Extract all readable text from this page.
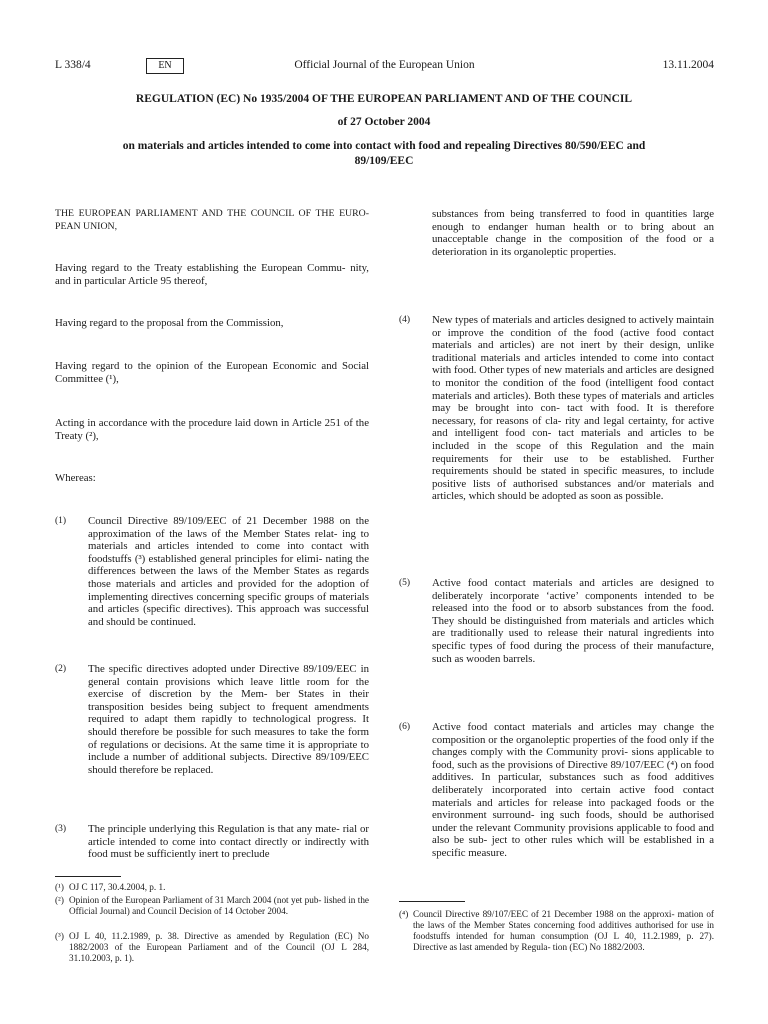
L 338/4	EN	Official Journal of the European Union	13.11.2004
REGULATION (EC) No 1935/2004 OF THE EUROPEAN PARLIAMENT AND OF THE COUNCIL
of 27 October 2004
on materials and articles intended to come into contact with food and repealing Directives 80/590/EEC and 89/109/EEC

THE EUROPEAN PARLIAMENT AND THE COUNCIL OF THE EURO- PEAN UNION,

Having regard to the Treaty establishing the European Commu- nity, and in particular Article 95 thereof,

Having regard to the proposal from the Commission,

Having regard to the opinion of the European Economic and Social Committee (¹),

Acting in accordance with the procedure laid down in Article 251 of the Treaty (²),

Whereas:

(1) Council Directive 89/109/EEC of 21 December 1988 on the approximation of the laws of the Member States relat- ing to materials and articles intended to come into contact with foodstuffs (³) established general principles for elimi- nating the differences between the laws of the Member States as regards those materials and articles and provided for the adoption of implementing directives concerning specific groups of materials and articles (specific directives). This approach was successful and should be continued.

(2) The specific directives adopted under Directive 89/109/EEC in general contain provisions which leave little room for the exercise of discretion by the Mem- ber States in their transposition besides being subject to frequent amendments required to adapt them rapidly to technological progress. It should therefore be possible for such measures to take the form of regulations or decisions. At the same time it is appropriate to include a number of additional subjects. Directive 89/109/EEC should therefore be replaced.

(3) The principle underlying this Regulation is that any mate- rial or article intended to come into contact directly or indirectly with food must be sufficiently inert to preclude

(¹) OJ C 117, 30.4.2004, p. 1.
(²) Opinion of the European Parliament of 31 March 2004 (not yet pub- lished in the Official Journal) and Council Decision of 14 October 2004.
(³) OJ L 40, 11.2.1989, p. 38. Directive as amended by Regulation (EC) No 1882/2003 of the European Parliament and of the Council (OJ L 284, 31.10.2003, p. 1).

substances from being transferred to food in quantities large enough to endanger human health or to bring about an unacceptable change in the composition of the food or a deterioration in its organoleptic properties.

(4) New types of materials and articles designed to actively maintain or improve the condition of the food (active food contact materials and articles) are not inert by their design, unlike traditional materials and articles intended to come into contact with food. Other types of new materials and articles are designed to monitor the condition of the food (intelligent food contact materials and articles). Both these types of materials and articles may be brought into con- tact with food. It is therefore necessary, for reasons of cla- rity and legal certainty, for active and intelligent food con- tact materials and articles to be included in the scope of this Regulation and the main requirements for their use to be established. Further requirements should be stated in specific measures, to include positive lists of authorised substances and/or materials and articles, which should be adopted as soon as possible.

(5) Active food contact materials and articles are designed to deliberately incorporate ‘active’ components intended to be released into the food or to absorb substances from the food. They should be distinguished from materials and articles which are traditionally used to release their natural ingredients into specific types of food during the process of their manufacture, such as wooden barrels.

(6) Active food contact materials and articles may change the composition or the organoleptic properties of the food only if the changes comply with the Community provi- sions applicable to food, such as the provisions of Directive 89/107/EEC (⁴) on food additives. In particular, substances such as food additives deliberately incorporated into certain active food contact materials and articles for release into packaged foods or the environment surround- ing such foods, should be authorised under the relevant Community provisions applicable to food and also be sub- ject to other rules which will be established in a specific measure.

(⁴) Council Directive 89/107/EEC of 21 December 1988 on the approxi- mation of the laws of the Member States concerning food additives authorised for use in foodstuffs intended for human consumption (OJ L 40, 11.2.1989, p. 27). Directive as last amended by Regula- tion (EC) No 1882/2003.
